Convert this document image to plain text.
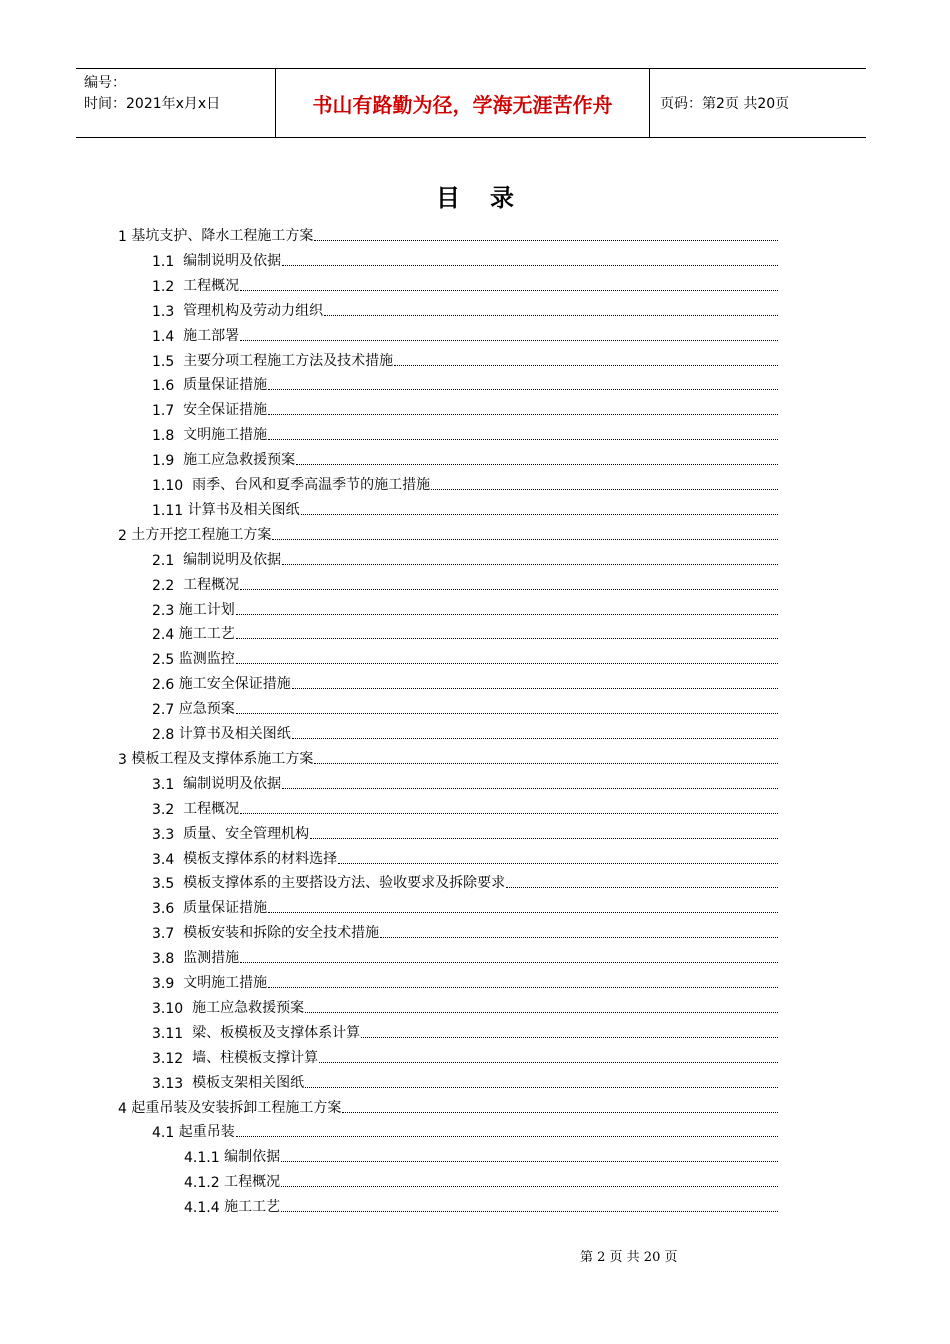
编号：
时间：2021年x月x日	书山有路勤为径，学海无涯苦作舟	页码：第2页 共20页
目录
1 基坑支护、降水工程施工方案
1.1 编制说明及依据
1.2 工程概况
1.3 管理机构及劳动力组织
1.4 施工部署
1.5 主要分项工程施工方法及技术措施
1.6 质量保证措施
1.7 安全保证措施
1.8 文明施工措施
1.9 施工应急救援预案
1.10 雨季、台风和夏季高温季节的施工措施
1.11 计算书及相关图纸
2 土方开挖工程施工方案
2.1 编制说明及依据
2.2 工程概况
2.3 施工计划
2.4 施工工艺
2.5 监测监控
2.6 施工安全保证措施
2.7 应急预案
2.8 计算书及相关图纸
3 模板工程及支撑体系施工方案
3.1 编制说明及依据
3.2 工程概况
3.3 质量、安全管理机构
3.4 模板支撑体系的材料选择
3.5 模板支撑体系的主要搭设方法、验收要求及拆除要求
3.6 质量保证措施
3.7 模板安装和拆除的安全技术措施
3.8 监测措施
3.9 文明施工措施
3.10 施工应急救援预案
3.11 梁、板模板及支撑体系计算
3.12 墙、柱模板支撑计算
3.13 模板支架相关图纸
4 起重吊装及安装拆卸工程施工方案
4.1 起重吊装
4.1.1 编制依据
4.1.2 工程概况
4.1.4 施工工艺
第 2 页 共 20 页
